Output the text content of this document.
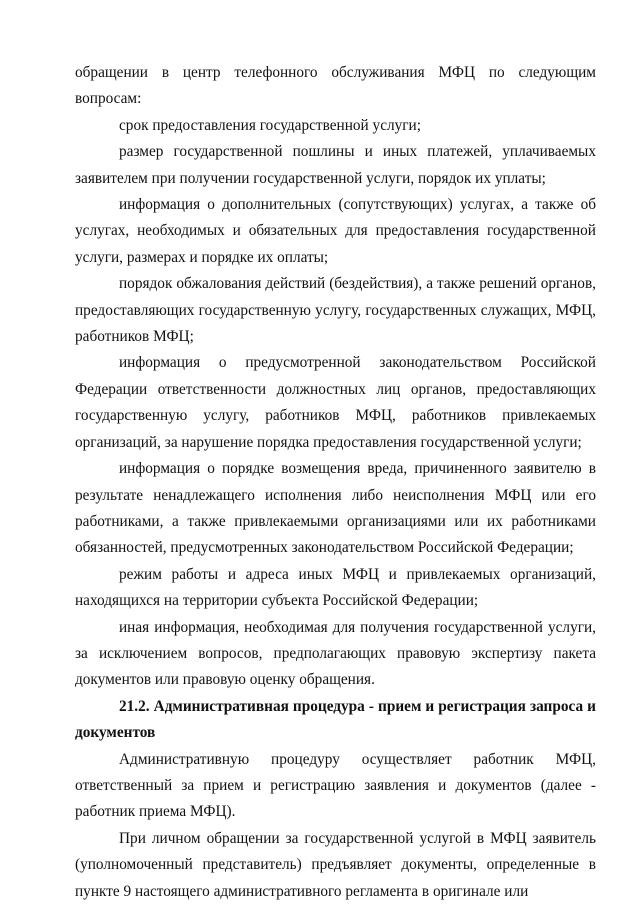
обращении в центр телефонного обслуживания МФЦ по следующим вопросам:

срок предоставления государственной услуги;

размер государственной пошлины и иных платежей, уплачиваемых заявителем при получении государственной услуги, порядок их уплаты;

информация о дополнительных (сопутствующих) услугах, а также об услугах, необходимых и обязательных для предоставления государственной услуги, размерах и порядке их оплаты;

порядок обжалования действий (бездействия), а также решений органов, предоставляющих государственную услугу, государственных служащих, МФЦ, работников МФЦ;

информация о предусмотренной законодательством Российской Федерации ответственности должностных лиц органов, предоставляющих государственную услугу, работников МФЦ, работников привлекаемых организаций, за нарушение порядка предоставления государственной услуги;

информация о порядке возмещения вреда, причиненного заявителю в результате ненадлежащего исполнения либо неисполнения МФЦ или его работниками, а также привлекаемыми организациями или их работниками обязанностей, предусмотренных законодательством Российской Федерации;

режим работы и адреса иных МФЦ и привлекаемых организаций, находящихся на территории субъекта Российской Федерации;

иная информация, необходимая для получения государственной услуги, за исключением вопросов, предполагающих правовую экспертизу пакета документов или правовую оценку обращения.

21.2. Административная процедура - прием и регистрация запроса и документов

Административную процедуру осуществляет работник МФЦ, ответственный за прием и регистрацию заявления и документов (далее - работник приема МФЦ).

При личном обращении за государственной услугой в МФЦ заявитель (уполномоченный представитель) предъявляет документы, определенные в пункте 9 настоящего административного регламента в оригинале или
